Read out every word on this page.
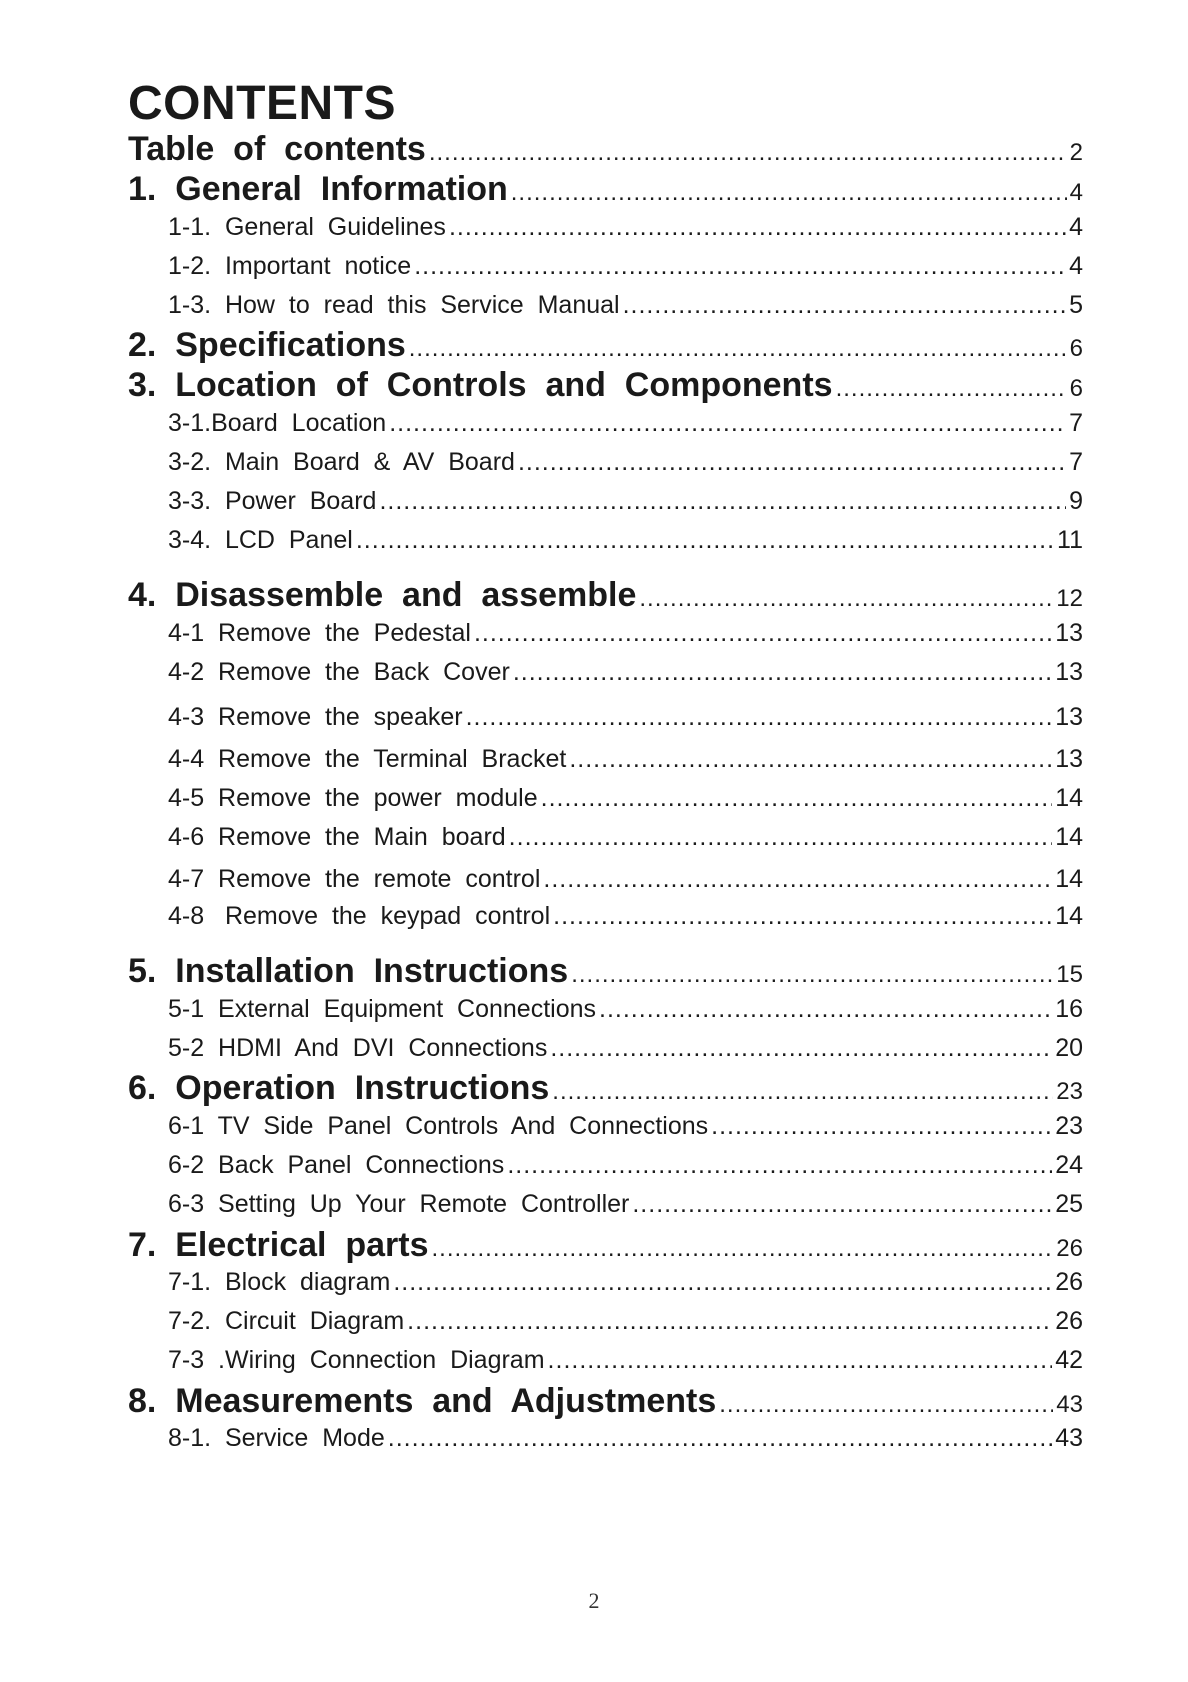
CONTENTS
Table  of  contents .....	2
1.  General  Information .....	4
1-1.  General  Guidelines .....	4
1-2.  Important  notice .....	4
1-3.  How  to  read  this  Service  Manual .....	5
2.  Specifications .....	6
3.  Location  of  Controls  and  Components .....	6
3-1.Board  Location .....	7
3-2.  Main  Board  &  AV  Board .....	7
3-3.  Power  Board .....	9
3-4.  LCD  Panel .....	11
4.  Disassemble  and  assemble .....	12
4-1  Remove  the  Pedestal .....	13
4-2  Remove  the  Back  Cover .....	13
4-3  Remove  the  speaker .....	13
4-4  Remove  the  Terminal  Bracket .....	13
4-5  Remove  the  power  module .....	14
4-6  Remove  the  Main  board .....	14
4-7  Remove  the  remote  control .....	14
4-8   Remove  the  keypad  control .....	14
5.  Installation  Instructions .....	15
5-1  External  Equipment  Connections .....	16
5-2  HDMI  And  DVI  Connections .....	20
6.  Operation  Instructions .....	23
6-1  TV  Side  Panel  Controls  And  Connections .....	23
6-2  Back  Panel  Connections .....	24
6-3  Setting  Up  Your  Remote  Controller .....	25
7.  Electrical  parts .....	26
7-1.  Block  diagram .....	26
7-2.  Circuit  Diagram .....	26
7-3  .Wiring  Connection  Diagram .....	42
8.  Measurements  and  Adjustments .....	43
8-1.  Service  Mode .....	43
2
